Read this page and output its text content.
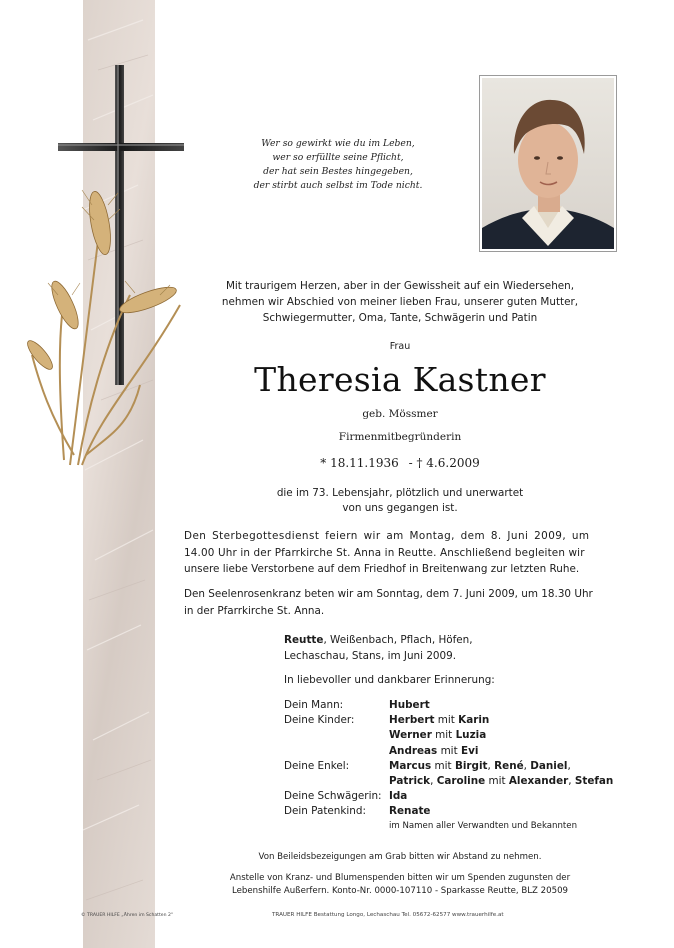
Wer so gewirkt wie du im Leben,
wer so erfüllte seine Pflicht,
der hat sein Bestes hingegeben,
der stirbt auch selbst im Tode nicht.
Mit traurigem Herzen, aber in der Gewissheit auf ein Wiedersehen,
nehmen wir Abschied von meiner lieben Frau, unserer guten Mutter,
Schwiegermutter, Oma, Tante, Schwägerin und Patin
Frau
Theresia Kastner
geb. Mössmer
Firmenmitbegründerin
* 18.11.1936 - † 4.6.2009
die im 73. Lebensjahr, plötzlich und unerwartet
von uns gegangen ist.
Den Sterbegottesdienst feiern wir am Montag, dem 8. Juni 2009, um
14.00 Uhr in der Pfarrkirche St. Anna in Reutte. Anschließend begleiten wir
unsere liebe Verstorbene auf dem Friedhof in Breitenwang zur letzten Ruhe.
Den Seelenrosenkranz beten wir am Sonntag, dem 7. Juni 2009, um 18.30 Uhr
in der Pfarrkirche St. Anna.
Reutte, Weißenbach, Pflach, Höfen,
Lechaschau, Stans, im Juni 2009.
In liebevoller und dankbarer Erinnerung:
Dein Mann:	Hubert
Deine Kinder:	Herbert mit Karin
Werner mit Luzia
Andreas mit Evi
Deine Enkel:	Marcus mit Birgit, René, Daniel,
Patrick, Caroline mit Alexander, Stefan
Deine Schwägerin: Ida
Dein Patenkind: Renate
im Namen aller Verwandten und Bekannten
Von Beileidsbezeigungen am Grab bitten wir Abstand zu nehmen.
Anstelle von Kranz- und Blumenspenden bitten wir um Spenden zugunsten der
Lebenshilfe Außerfern. Konto-Nr. 0000-107110 - Sparkasse Reutte, BLZ 20509
© TRAUER HILFE „Ähren im Schatten 2“	TRAUER HILFE Bestattung Longo, Lechaschau Tel. 05672-62577 www.trauerhilfe.at
